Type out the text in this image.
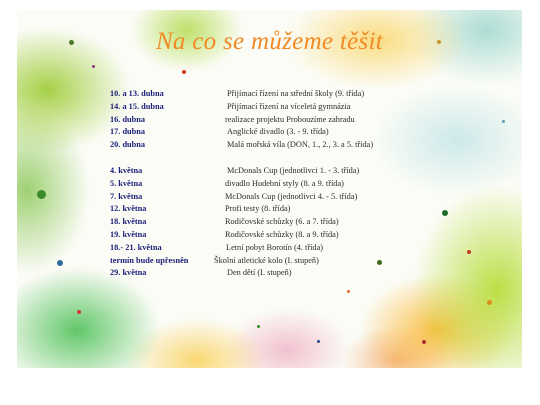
Na co se můžeme těšit
10. a 13. dubna	Přijímací řízení na střední školy (9. třída)
14. a 15. dubna	Přijímací řízení na víceletá gymnázia
16. dubna	realizace projektu Probouzíme zahradu
17. dubna	Anglické divadlo (3. - 9. třída)
20. dubna	Malá mořská víla (DON, 1., 2., 3. a 5. třída)
4. května	McDonals Cup (jednotlivci 1. - 3. třída)
5. května	divadlo Hudební styly (8. a 9. třída)
7. května	McDonals Cup (jednotlivci 4. - 5. třída)
12. května	Profi testy (8. třída)
18. května	Rodičovské schůzky (6. a 7. třída)
19. května	Rodičovské schůzky (8. a 9. třída)
18.- 21. května	Letní pobyt Borotín (4. třída)
termín bude upřesněn	Školní atletické kolo (I. stupeň)
29. května	Den dětí (I. stupeň)
